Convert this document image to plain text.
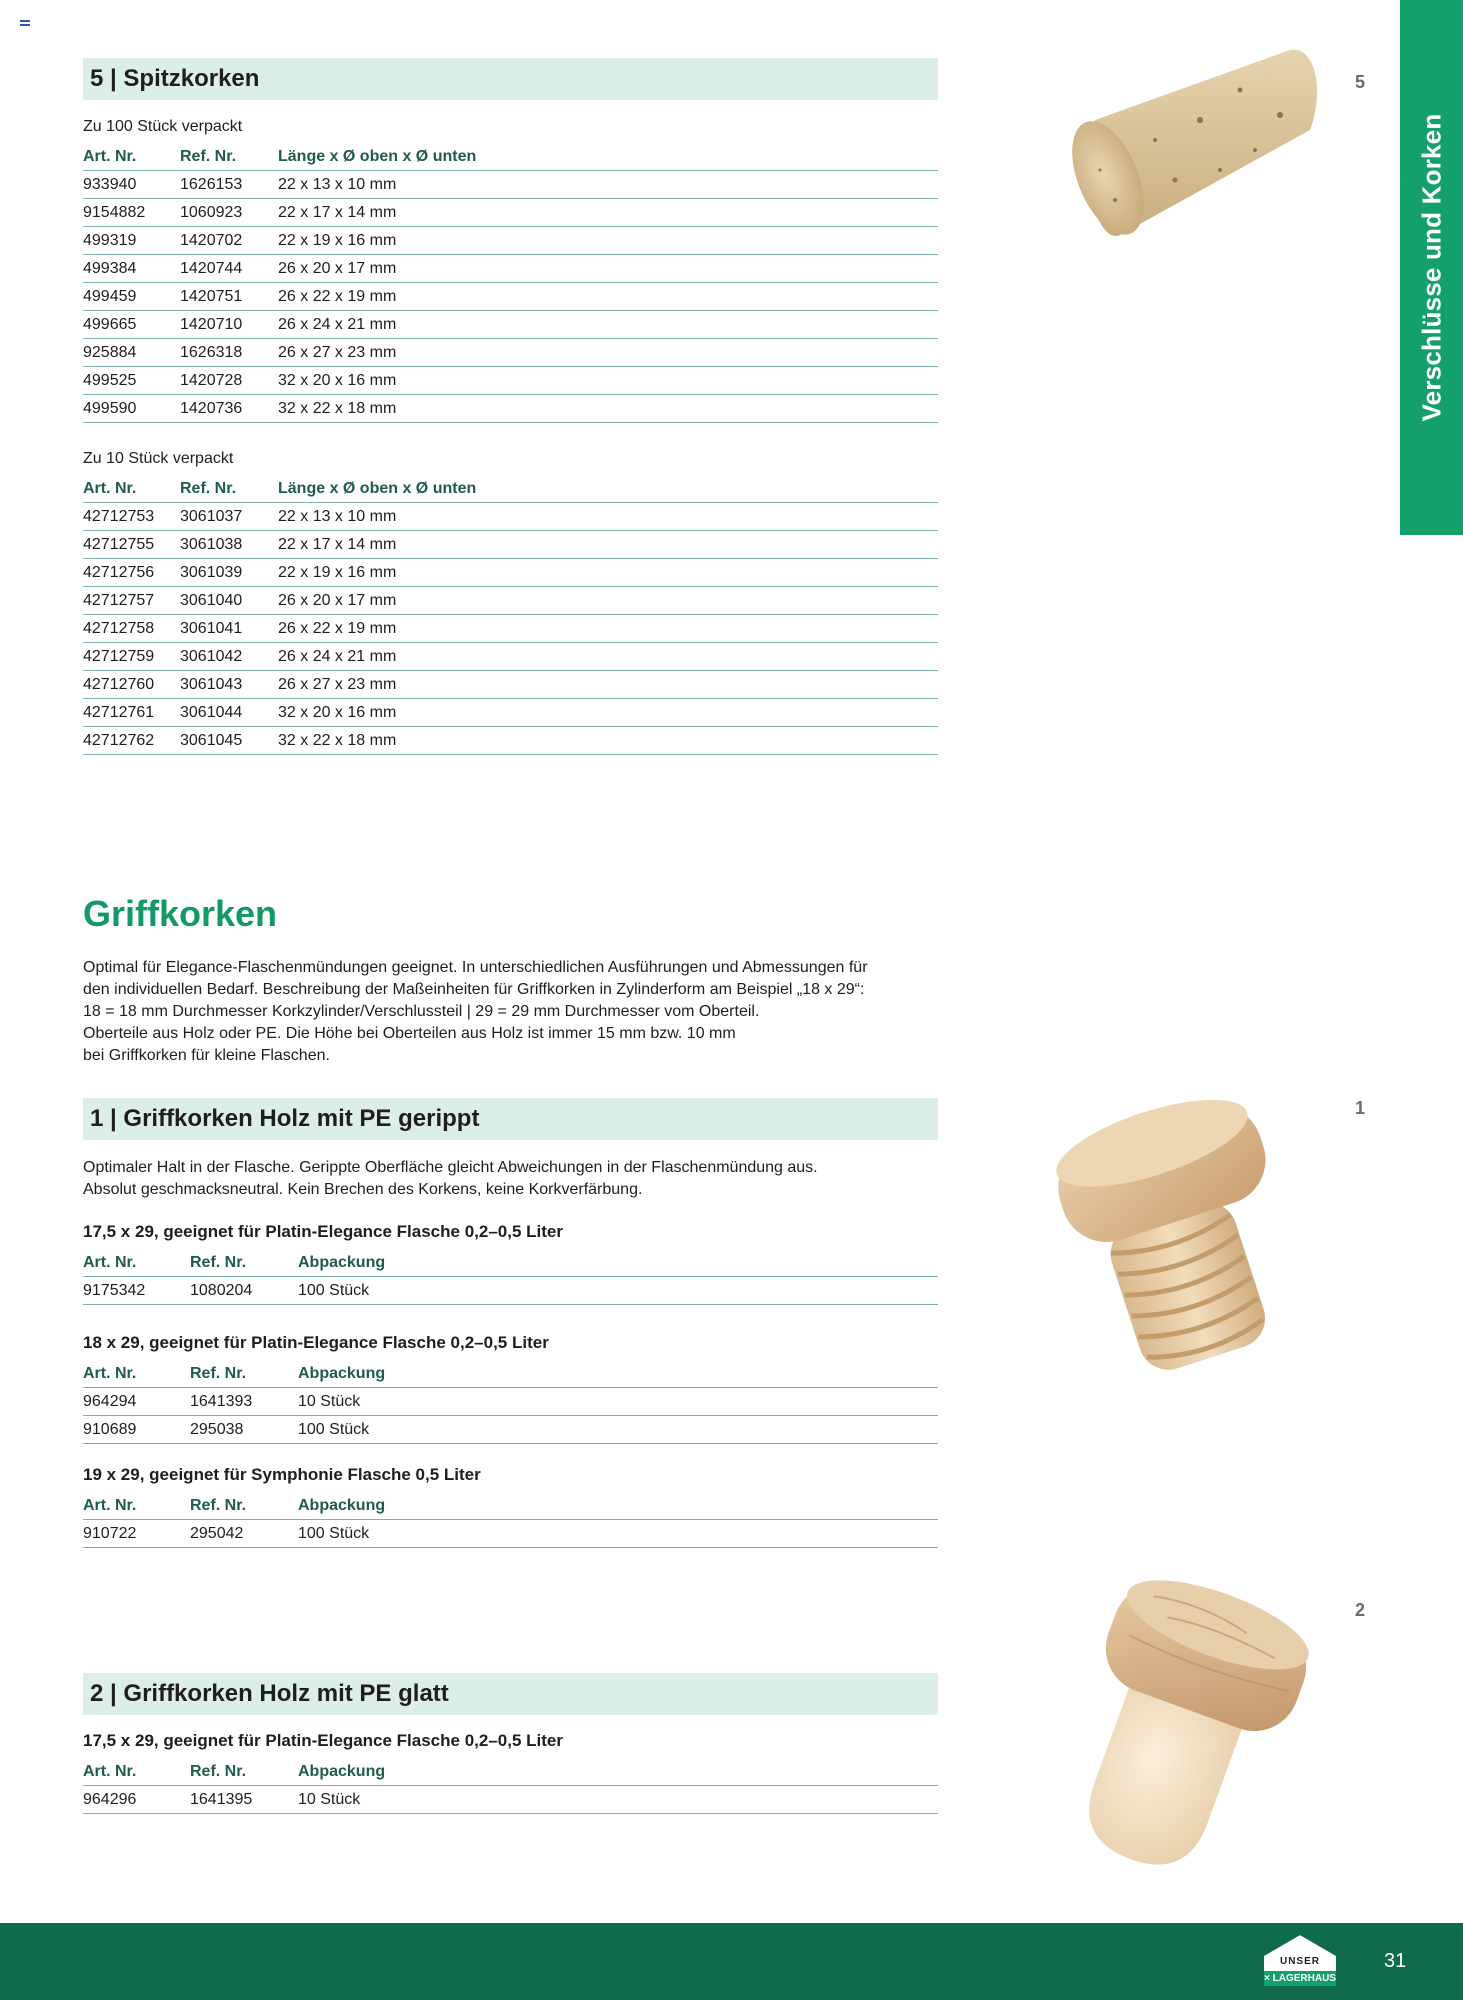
Verschlüsse und Korken
5 | Spitzkorken
Zu 100 Stück verpackt
Art. Nr.	Ref. Nr.	Länge x Ø oben x Ø unten
933940	1626153	22 x 13 x 10 mm
9154882	1060923	22 x 17 x 14 mm
499319	1420702	22 x 19 x 16 mm
499384	1420744	26 x 20 x 17 mm
499459	1420751	26 x 22 x 19 mm
499665	1420710	26 x 24 x 21 mm
925884	1626318	26 x 27 x 23 mm
499525	1420728	32 x 20 x 16 mm
499590	1420736	32 x 22 x 18 mm
Zu 10 Stück verpackt
Art. Nr.	Ref. Nr.	Länge x Ø oben x Ø unten
42712753	3061037	22 x 13 x 10 mm
42712755	3061038	22 x 17 x 14 mm
42712756	3061039	22 x 19 x 16 mm
42712757	3061040	26 x 20 x 17 mm
42712758	3061041	26 x 22 x 19 mm
42712759	3061042	26 x 24 x 21 mm
42712760	3061043	26 x 27 x 23 mm
42712761	3061044	32 x 20 x 16 mm
42712762	3061045	32 x 22 x 18 mm
5
Griffkorken
Optimal für Elegance-Flaschenmündungen geeignet. In unterschiedlichen Ausführungen und Abmessungen für
den individuellen Bedarf. Beschreibung der Maßeinheiten für Griffkorken in Zylinderform am Beispiel „18 x 29“:
18 = 18 mm Durchmesser Korkzylinder/Verschlussteil | 29 = 29 mm Durchmesser vom Oberteil.
Oberteile aus Holz oder PE. Die Höhe bei Oberteilen aus Holz ist immer 15 mm bzw. 10 mm
bei Griffkorken für kleine Flaschen.
1 | Griffkorken Holz mit PE gerippt
Optimaler Halt in der Flasche. Gerippte Oberfläche gleicht Abweichungen in der Flaschenmündung aus.
Absolut geschmacksneutral. Kein Brechen des Korkens, keine Korkverfärbung.
17,5 x 29, geeignet für Platin-Elegance Flasche 0,2–0,5 Liter
Art. Nr.	Ref. Nr.	Abpackung
9175342	1080204	100 Stück
18 x 29, geeignet für Platin-Elegance Flasche 0,2–0,5 Liter
Art. Nr.	Ref. Nr.	Abpackung
964294	1641393	10 Stück
910689	295038	100 Stück
19 x 29, geeignet für Symphonie Flasche 0,5 Liter
Art. Nr.	Ref. Nr.	Abpackung
910722	295042	100 Stück
1
2 | Griffkorken Holz mit PE glatt
17,5 x 29, geeignet für Platin-Elegance Flasche 0,2–0,5 Liter
Art. Nr.	Ref. Nr.	Abpackung
964296	1641395	10 Stück
2
UNSER
× LAGERHAUS
31
